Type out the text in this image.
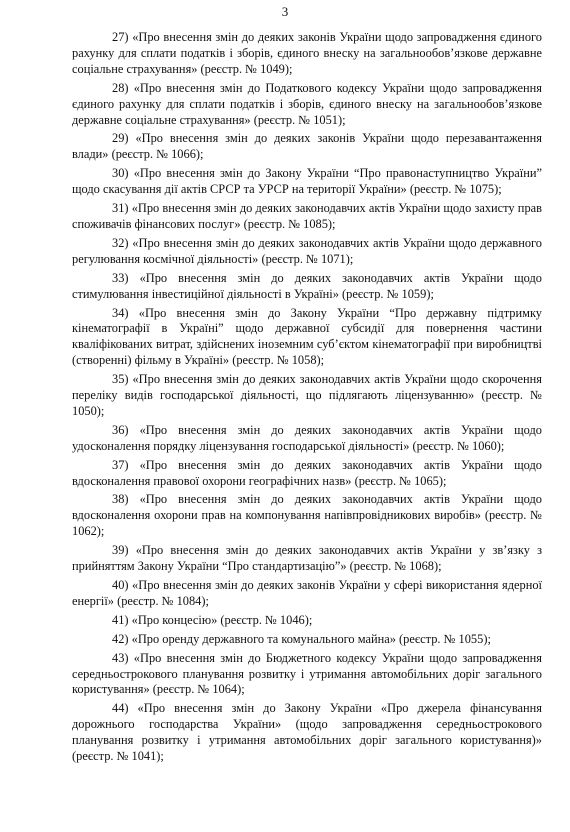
3

27) «Про внесення змін до деяких законів України щодо запровадження єдиного рахунку для сплати податків і зборів, єдиного внеску на загальнообов’язкове державне соціальне страхування» (реєстр. № 1049);

28) «Про внесення змін до Податкового кодексу України щодо запровадження єдиного рахунку для сплати податків і зборів, єдиного внеску на загальнообов’язкове державне соціальне страхування» (реєстр. № 1051);

29) «Про внесення змін до деяких законів України щодо перезавантаження влади» (реєстр. № 1066);

30) «Про внесення змін до Закону України “Про правонаступництво України” щодо скасування дії актів СРСР та УРСР на території України» (реєстр. № 1075);

31) «Про внесення змін до деяких законодавчих актів України щодо захисту прав споживачів фінансових послуг» (реєстр. № 1085);

32) «Про внесення змін до деяких законодавчих актів України щодо державного регулювання космічної діяльності» (реєстр. № 1071);

33) «Про внесення змін до деяких законодавчих актів України щодо стимулювання інвестиційної діяльності в Україні» (реєстр. № 1059);

34) «Про внесення змін до Закону України “Про державну підтримку кінематографії в Україні” щодо державної субсидії для повернення частини кваліфікованих витрат, здійснених іноземним суб’єктом кінематографії при виробництві (створенні) фільму в Україні» (реєстр. № 1058);

35) «Про внесення змін до деяких законодавчих актів України щодо скорочення переліку видів господарської діяльності, що підлягають ліцензуванню» (реєстр. № 1050);

36) «Про внесення змін до деяких законодавчих актів України щодо удосконалення порядку ліцензування господарської діяльності» (реєстр. № 1060);

37) «Про внесення змін до деяких законодавчих актів України щодо вдосконалення правової охорони географічних назв» (реєстр. № 1065);

38) «Про внесення змін до деяких законодавчих актів України щодо вдосконалення охорони прав на компонування напівпровідникових виробів» (реєстр. № 1062);

39) «Про внесення змін до деяких законодавчих актів України у зв’язку з прийняттям Закону України “Про стандартизацію”» (реєстр. № 1068);

40) «Про внесення змін до деяких законів України у сфері використання ядерної енергії» (реєстр. № 1084);

41) «Про концесію» (реєстр. № 1046);

42) «Про оренду державного та комунального майна» (реєстр. № 1055);

43) «Про внесення змін до Бюджетного кодексу України щодо запровадження середньострокового планування розвитку і утримання автомобільних доріг загального користування» (реєстр. № 1064);

44) «Про внесення змін до Закону України «Про джерела фінансування дорожнього господарства України» (щодо запровадження середньострокового планування розвитку і утримання автомобільних доріг загального користування)» (реєстр. № 1041);
